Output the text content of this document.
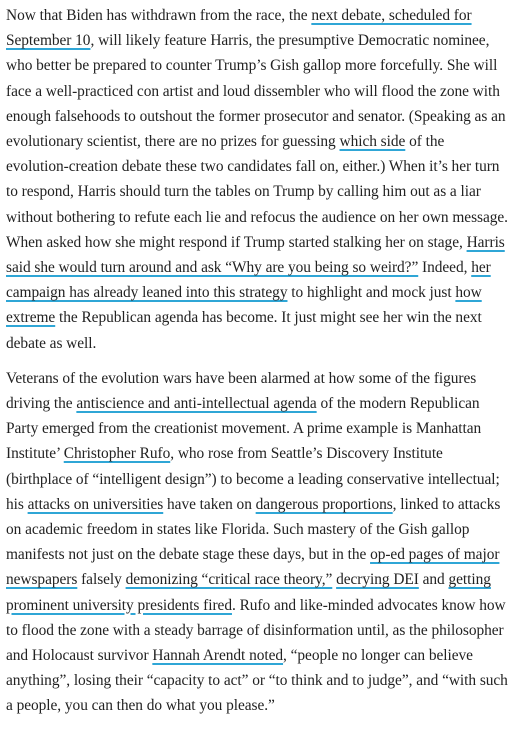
Now that Biden has withdrawn from the race, the next debate, scheduled for September 10, will likely feature Harris, the presumptive Democratic nominee, who better be prepared to counter Trump’s Gish gallop more forcefully. She will face a well-practiced con artist and loud dissembler who will flood the zone with enough falsehoods to outshout the former prosecutor and senator. (Speaking as an evolutionary scientist, there are no prizes for guessing which side of the evolution-creation debate these two candidates fall on, either.) When it’s her turn to respond, Harris should turn the tables on Trump by calling him out as a liar without bothering to refute each lie and refocus the audience on her own message. When asked how she might respond if Trump started stalking her on stage, Harris said she would turn around and ask “Why are you being so weird?” Indeed, her campaign has already leaned into this strategy to highlight and mock just how extreme the Republican agenda has become. It just might see her win the next debate as well.

Veterans of the evolution wars have been alarmed at how some of the figures driving the antiscience and anti-intellectual agenda of the modern Republican Party emerged from the creationist movement. A prime example is Manhattan Institute’ Christopher Rufo, who rose from Seattle’s Discovery Institute (birthplace of “intelligent design”) to become a leading conservative intellectual; his attacks on universities have taken on dangerous proportions, linked to attacks on academic freedom in states like Florida. Such mastery of the Gish gallop manifests not just on the debate stage these days, but in the op-ed pages of major newspapers falsely demonizing “critical race theory,” decrying DEI and getting prominent university presidents fired. Rufo and like-minded advocates know how to flood the zone with a steady barrage of disinformation until, as the philosopher and Holocaust survivor Hannah Arendt noted, “people no longer can believe anything”, losing their “capacity to act” or “to think and to judge”, and “with such a people, you can then do what you please.”
